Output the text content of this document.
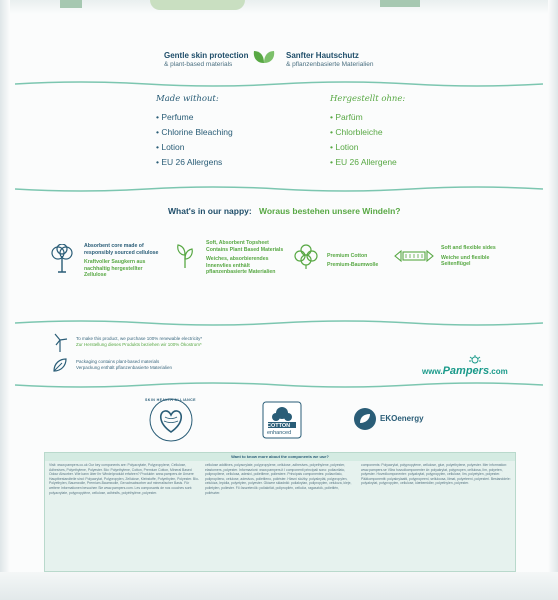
Gentle skin protection
& plant-based materials
Sanfter Hautschutz
& pflanzenbasierte Materialien
Made without:
• Perfume
• Chlorine Bleaching
• Lotion
• EU 26 Allergens
Hergestellt ohne:
• Parfüm
• Chlorbleiche
• Lotion
• EU 26 Allergene
What's in our nappy: Woraus bestehen unsere Windeln?
Absorbent core made of responsibly sourced cellulose
Kraftvoller Saugkern aus nachhaltig hergestellter Zellulose
Soft, Absorbent Topsheet Contains Plant Based Materials
Weiches, absorbierendes Innenvlies enthält pflanzenbasierte Materialien
Premium Cotton
Premium-Baumwolle
Soft and flexible sides
Weiche und flexible Seitenflügel
To make this product, we purchase 100% renewable electricity*
Zur Herstellung dieses Produkts beziehen wir 100% Ökostrom*
Packaging contains plant-based materials
Verpackung enthält pflanzenbasierte Materialien	www.Pampers.com
SKIN HEALTH ALLIANCE
COTTON
enhanced
EKOenergy
Want to know more about the components we use?
Visit: www.pampers.co.uk Our key components are: Polyacrylate, Polypropylene, Cellulose, Adhesives, Polyethylene, Polyester. Bio: Polyethylene, Cotton, Premium Cotton, Mineral Based Odour Absorber. Wie kann über Ihr Windelprodukt erfahren? Produkte: www.pampers.de Unsere Hauptbestandteile sind: Polyacrylat, Polypropylen, Zellulose, Klebstoffe, Polyethylen, Polyester. Bio-Polyethylen, Baumwolle, Premium-Baumwolle, Geruchsabsorber auf mineralischer Basis. Für weitere Informationen besuchen Sie www.pampers.com. Les composants de nos couches sont: polyacrylate, polypropylène, cellulose, adhésifs, polyéthylène, polyester.
cellulose additives, polyacrylate, polypropylene, cellulose, adhesives, polyethylene, polyester, elastomers, polyester. Informazioni: www.pampers.it I componenti principali sono: poliacrilato, polipropilene, cellulosa, adesivi, polietilene, poliestere. Principais componentes: poliacrilato, polipropileno, celulose, adesivos, polietileno, poliéster. Hlavní složky: polyakrylát, polypropylen, celulóza, lepidla, polyetylen, polyester. Główne składniki: poliakrylan, polipropylen, celuloza, kleje, polietylen, poliester. Fő összetevők: poliakrilát, polipropilén, cellulóz, ragasztók, polietilén, poliészter.
components: Polyacrylat, polypropylene, cellulose, glue, polyethylene, polyester. Mer information: www.pampers.se Våra huvudkomponenter är: polyakrylat, polypropen, cellulosa, lim, polyeten, polyester. Hovedkomponenter: polyakrylat, polypropylen, cellulose, lim, polyetylen, polyester. Pääkomponentit: polyakrylaatti, polypropeeni, selluloosa, liimat, polyeteeni, polyesteri. Bestanddele: polyakrylat, polypropylen, cellulose, klæbemidler, polyethylen, polyester.
